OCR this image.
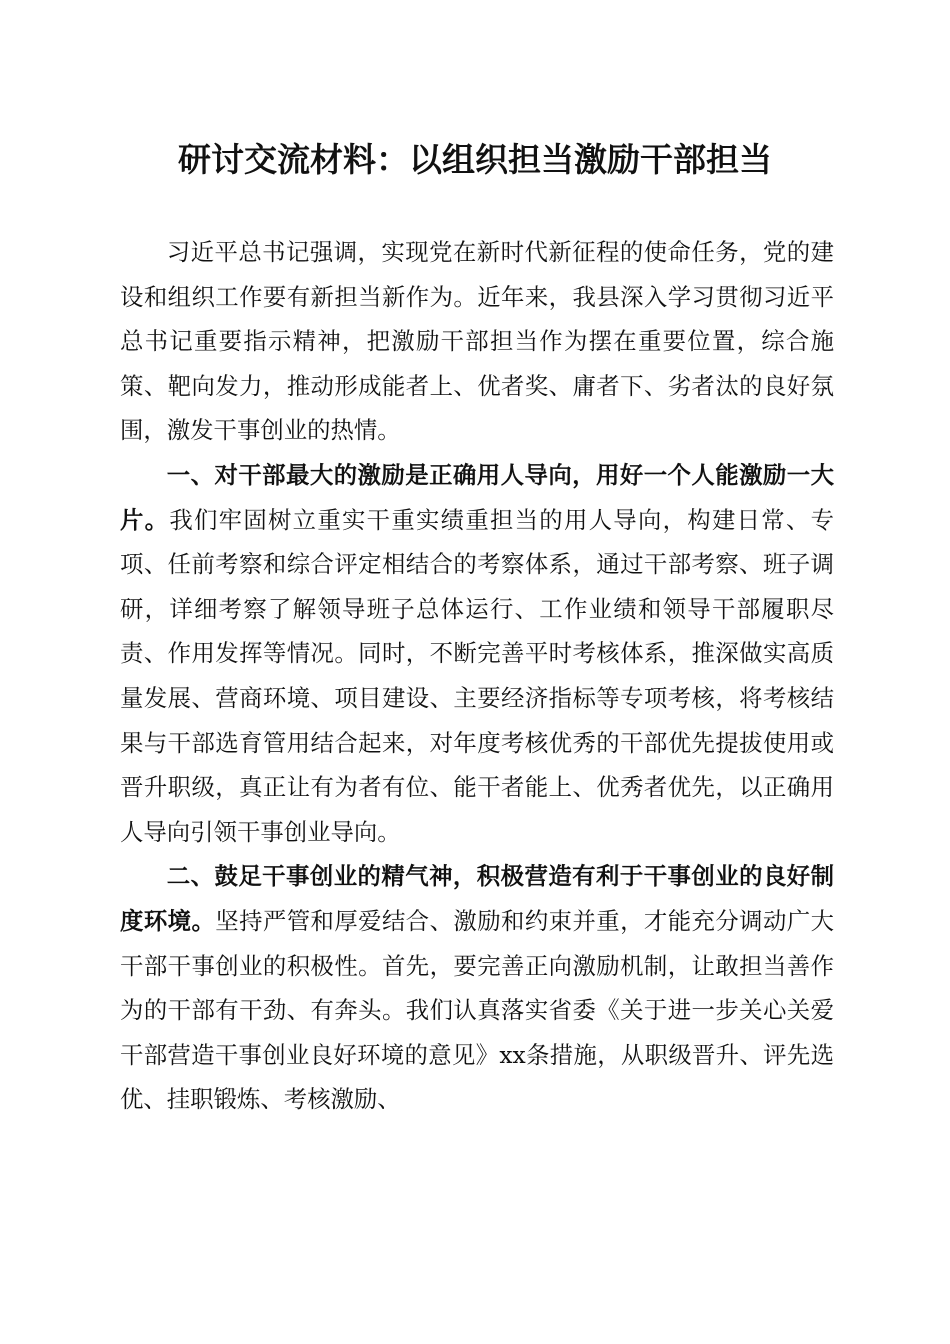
研讨交流材料：以组织担当激励干部担当

习近平总书记强调，实现党在新时代新征程的使命任务，党的建设和组织工作要有新担当新作为。近年来，我县深入学习贯彻习近平总书记重要指示精神，把激励干部担当作为摆在重要位置，综合施策、靶向发力，推动形成能者上、优者奖、庸者下、劣者汰的良好氛围，激发干事创业的热情。

一、对干部最大的激励是正确用人导向，用好一个人能激励一大片。我们牢固树立重实干重实绩重担当的用人导向，构建日常、专项、任前考察和综合评定相结合的考察体系，通过干部考察、班子调研，详细考察了解领导班子总体运行、工作业绩和领导干部履职尽责、作用发挥等情况。同时，不断完善平时考核体系，推深做实高质量发展、营商环境、项目建设、主要经济指标等专项考核，将考核结果与干部选育管用结合起来，对年度考核优秀的干部优先提拔使用或晋升职级，真正让有为者有位、能干者能上、优秀者优先，以正确用人导向引领干事创业导向。

二、鼓足干事创业的精气神，积极营造有利于干事创业的良好制度环境。坚持严管和厚爱结合、激励和约束并重，才能充分调动广大干部干事创业的积极性。首先，要完善正向激励机制，让敢担当善作为的干部有干劲、有奔头。我们认真落实省委《关于进一步关心关爱干部营造干事创业良好环境的意见》xx条措施，从职级晋升、评先选优、挂职锻炼、考核激励、
